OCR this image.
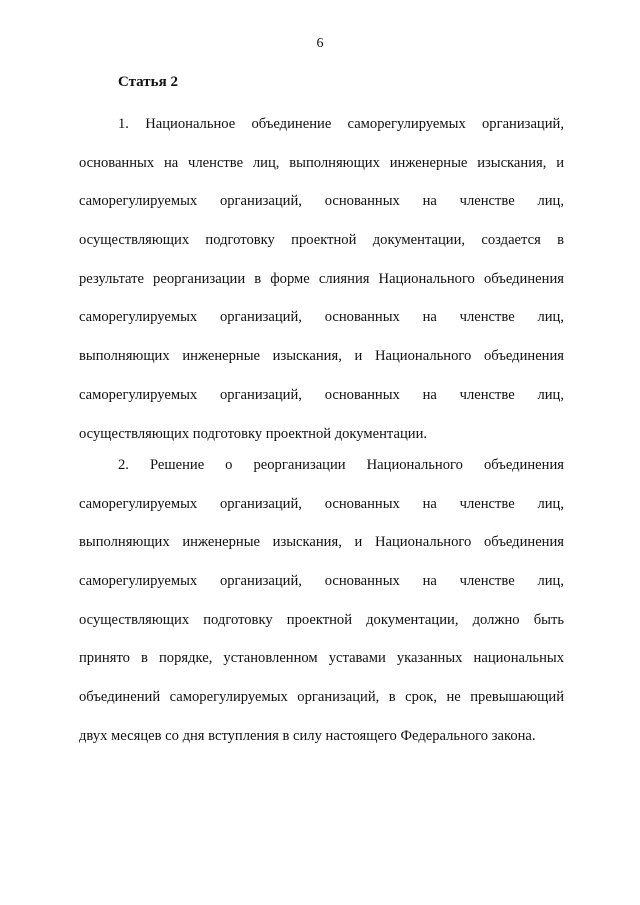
6
Статья 2
1. Национальное объединение саморегулируемых организаций,
основанных на членстве лиц, выполняющих инженерные изыскания, и
саморегулируемых организаций, основанных на членстве лиц,
осуществляющих подготовку проектной документации, создается в
результате реорганизации в форме слияния Национального объединения
саморегулируемых организаций, основанных на членстве лиц,
выполняющих инженерные изыскания, и Национального объединения
саморегулируемых организаций, основанных на членстве лиц,
осуществляющих подготовку проектной документации.
2. Решение о реорганизации Национального объединения
саморегулируемых организаций, основанных на членстве лиц,
выполняющих инженерные изыскания, и Национального объединения
саморегулируемых организаций, основанных на членстве лиц,
осуществляющих подготовку проектной документации, должно быть
принято в порядке, установленном уставами указанных национальных
объединений саморегулируемых организаций, в срок, не превышающий
двух месяцев со дня вступления в силу настоящего Федерального закона.
